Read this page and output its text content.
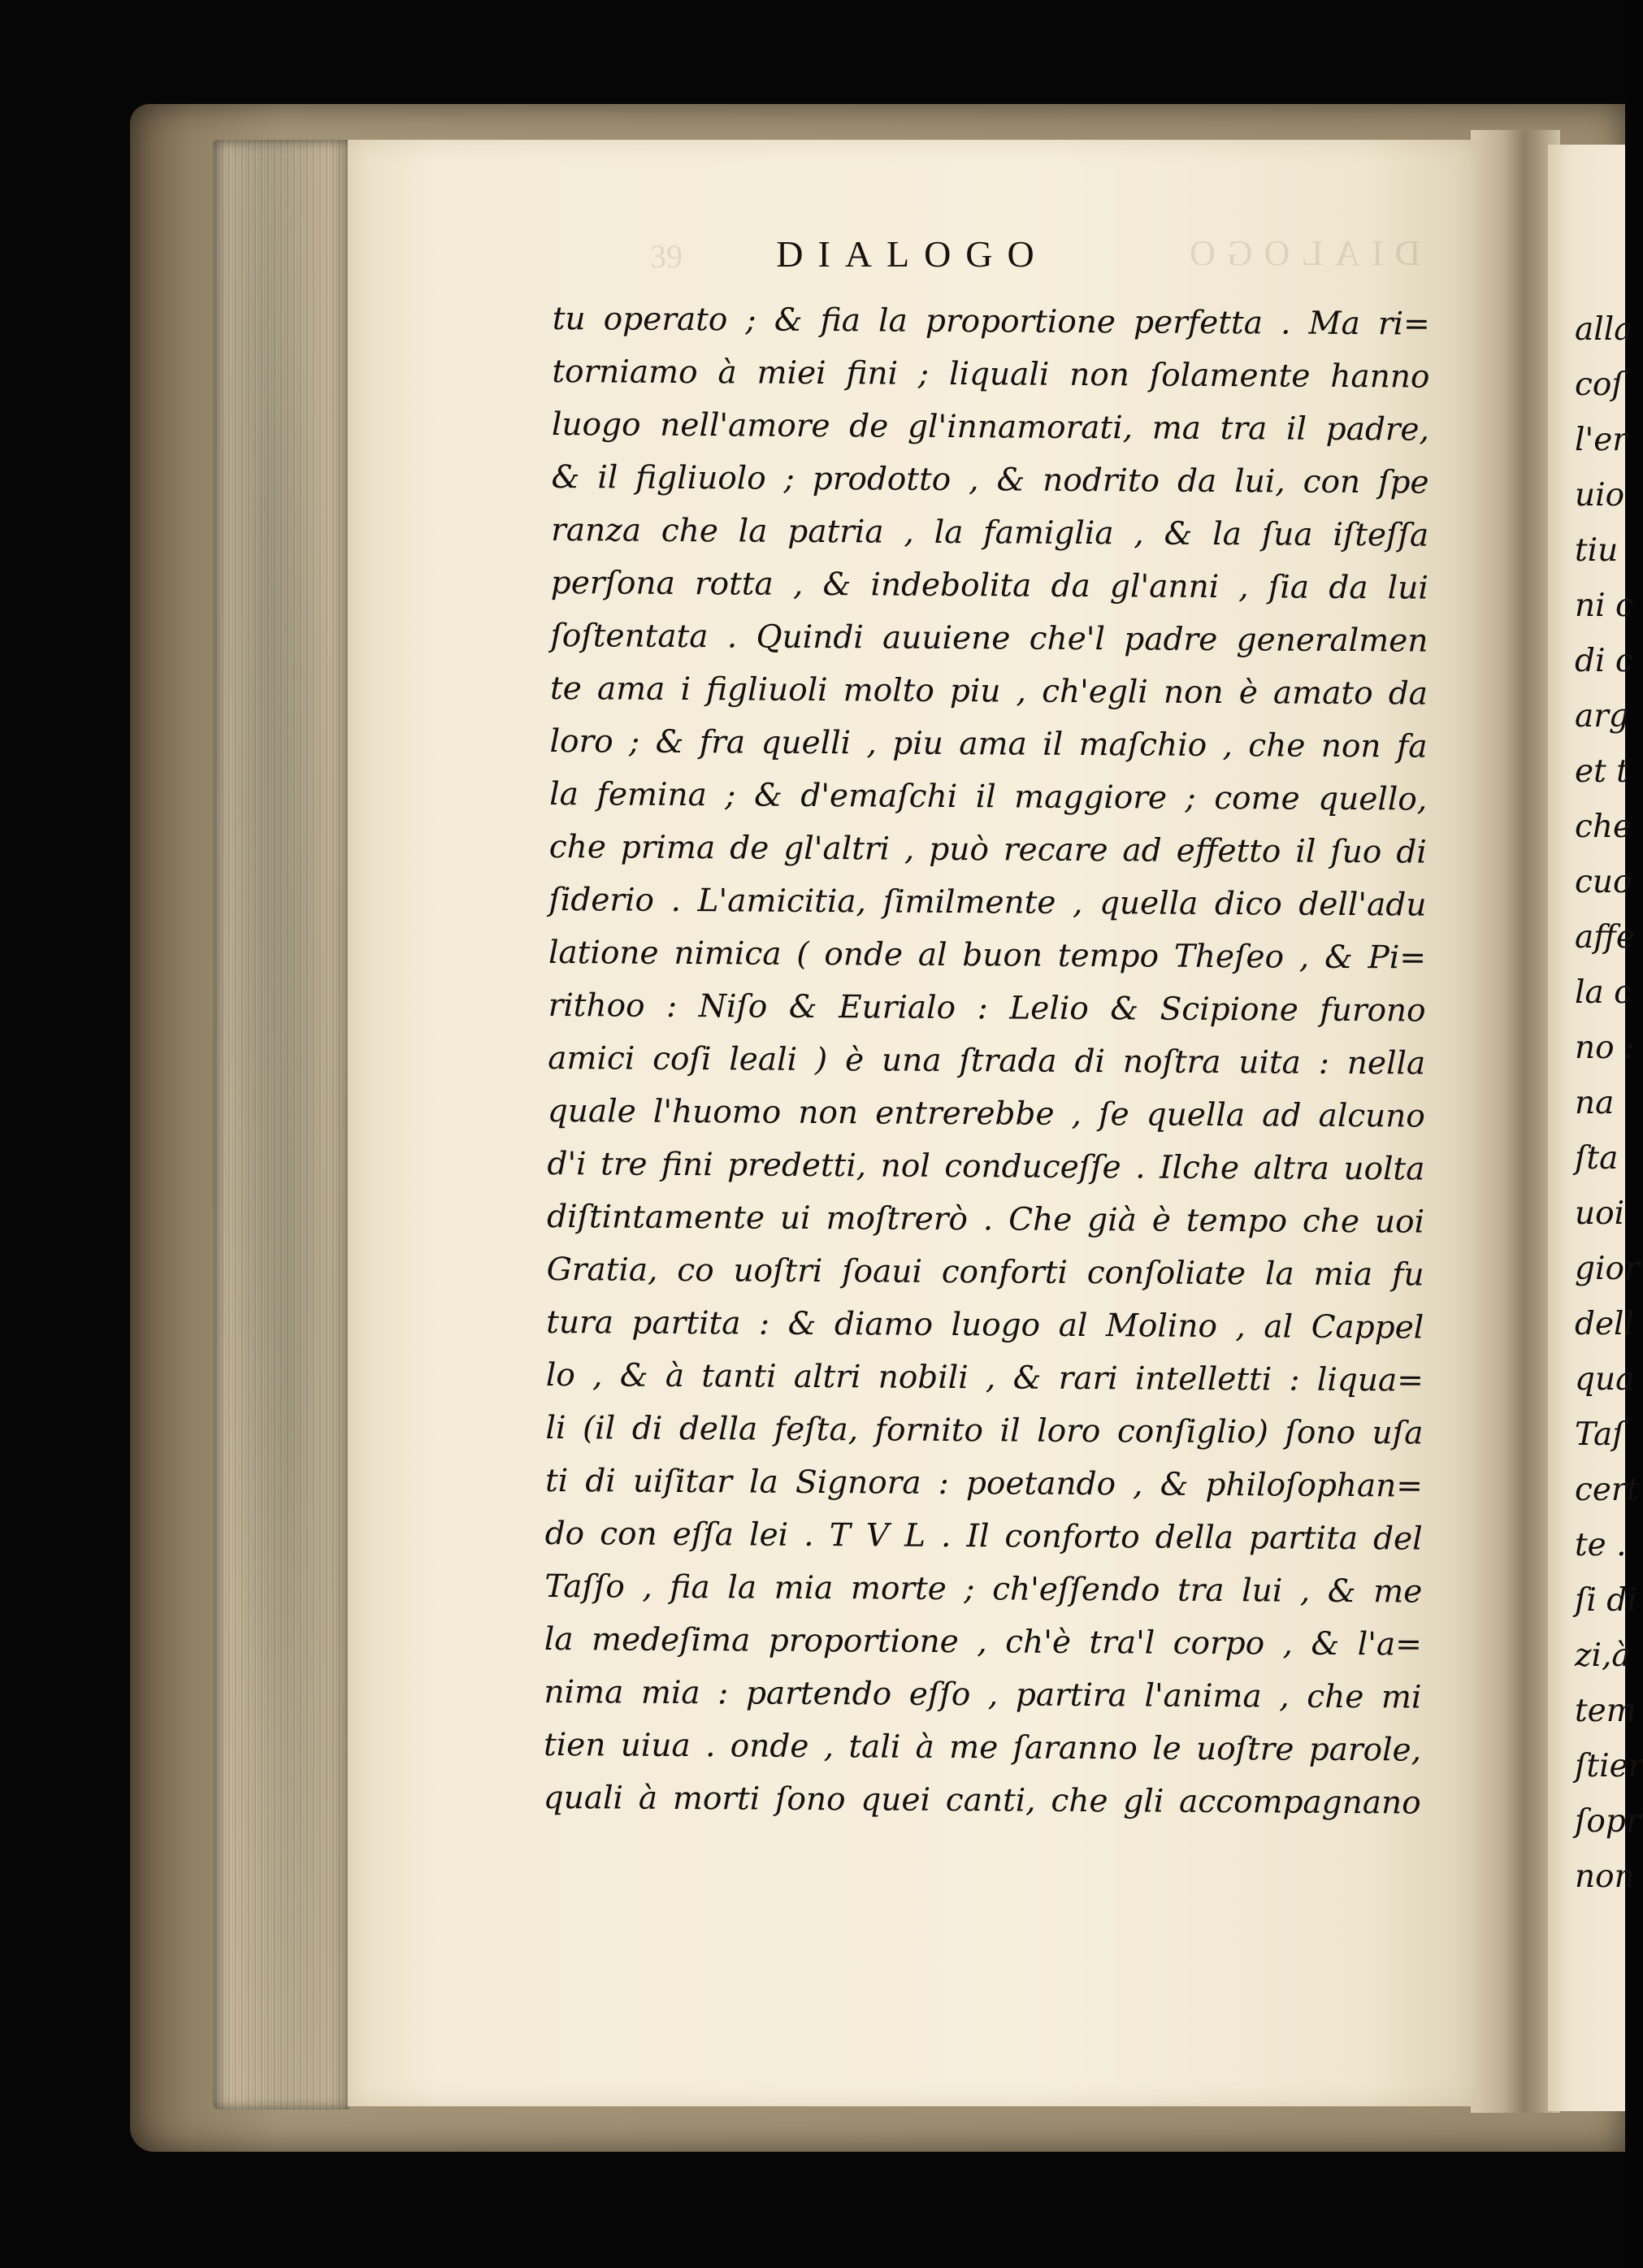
39	DIALOGO
DIALOGO
tu operato ; & fia la proportione perfetta . Ma ri=
torniamo à miei fini ; liquali non ſolamente hanno
luogo nell'amore de gl'innamorati, ma tra il padre,
& il figliuolo ; prodotto , & nodrito da lui, con ſpe
ranza che la patria , la famiglia , & la ſua iſteſſa
perſona rotta , & indebolita da gl'anni , ſia da lui
ſoſtentata . Quindi auuiene che'l padre generalmen
te ama i figliuoli molto piu , ch'egli non è amato da
loro ; & fra quelli , piu ama il maſchio , che non fa
la femina ; & d'emaſchi il maggiore ; come quello,
che prima de gl'altri , può recare ad effetto il ſuo di
ſiderio . L'amicitia, ſimilmente , quella dico dell'adu
latione nimica ( onde al buon tempo Theſeo , & Pi=
rithoo : Niſo & Eurialo : Lelio & Scipione furono
amici coſi leali ) è una ſtrada di noſtra uita : nella
quale l'huomo non entrerebbe , ſe quella ad alcuno
d'i tre fini predetti, nol conduceſſe . Ilche altra uolta
diſtintamente ui moſtrerò . Che già è tempo che uoi
Gratia, co uoſtri ſoaui conforti conſoliate la mia fu
tura partita : & diamo luogo al Molino , al Cappel
lo , & à tanti altri nobili , & rari intelletti : liqua=
li (il di della feſta, fornito il loro conſiglio) ſono uſa
ti di uiſitar la Signora : poetando , & philoſophan=
do con eſſa lei . T V L . Il conforto della partita del
Taſſo , fia la mia morte ; ch'eſſendo tra lui , & me
la medeſima proportione , ch'è tra'l corpo , & l'a=
nima mia : partendo eſſo , partira l'anima , che mi
tien uiua . onde , tali à me ſaranno le uoſtre parole,
quali à morti ſono quei canti, che gli accompagnano
alla
coſ
l'er
uio
tiu
ni c
di c
arg
et t
che
cuo
affe
la c
no :
na
ſta
uoi
gior
dell
qua
Taſ
cert
te .
ſi di
zi,à
tem
ſtier
ſopr
non
